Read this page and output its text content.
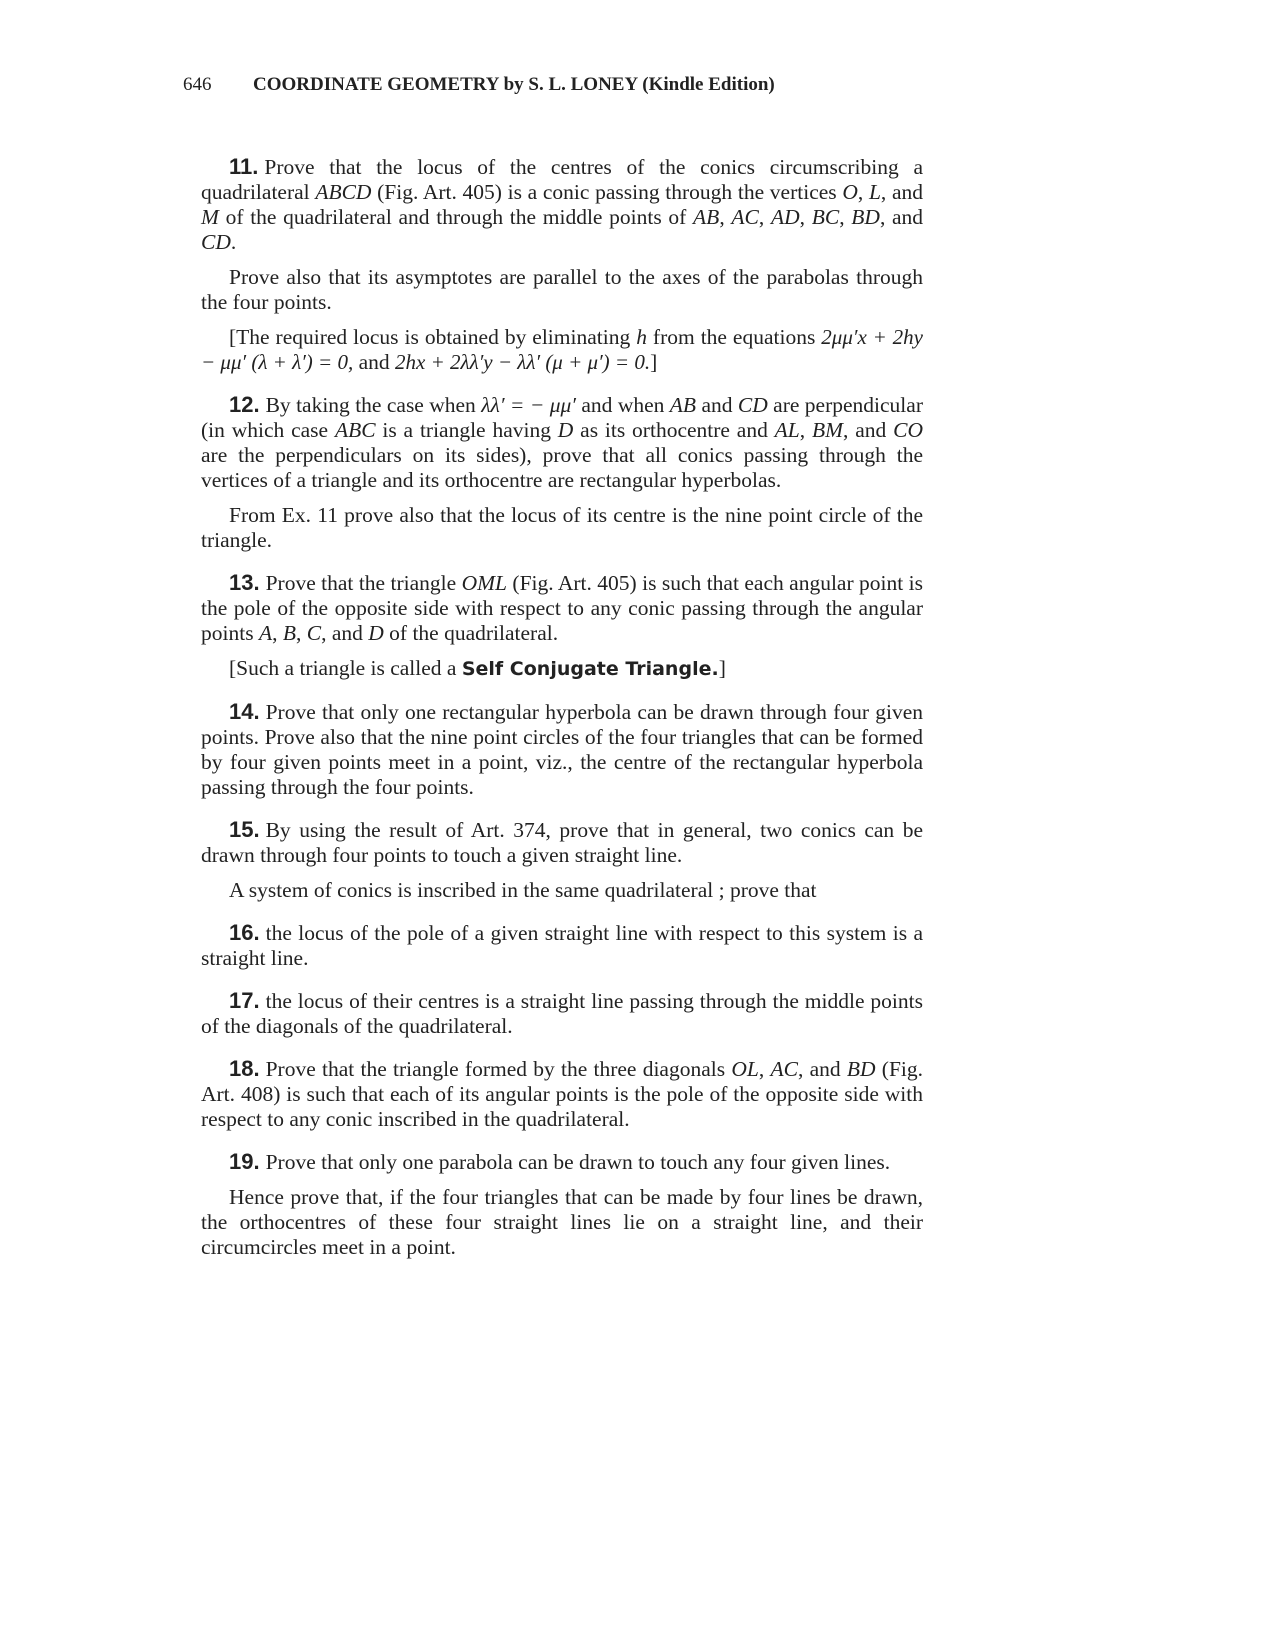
646 COORDINATE GEOMETRY by S. L. LONEY (Kindle Edition)

11. Prove that the locus of the centres of the conics circumscribing a quadrilateral ABCD (Fig. Art. 405) is a conic passing through the vertices O, L, and M of the quadrilateral and through the middle points of AB, AC, AD, BC, BD, and CD.

Prove also that its asymptotes are parallel to the axes of the parabolas through the four points.

[The required locus is obtained by eliminating h from the equations 2μμ′x + 2hy − μμ′ (λ + λ′) = 0, and 2hx + 2λλ′y − λλ′ (μ + μ′) = 0.]

12. By taking the case when λλ′ = − μμ′ and when AB and CD are perpendicular (in which case ABC is a triangle having D as its orthocentre and AL, BM, and CO are the perpendiculars on its sides), prove that all conics passing through the vertices of a triangle and its orthocentre are rectangular hyperbolas.

From Ex. 11 prove also that the locus of its centre is the nine point circle of the triangle.

13. Prove that the triangle OML (Fig. Art. 405) is such that each angular point is the pole of the opposite side with respect to any conic passing through the angular points A, B, C, and D of the quadrilateral.

[Such a triangle is called a Self Conjugate Triangle.]

14. Prove that only one rectangular hyperbola can be drawn through four given points. Prove also that the nine point circles of the four triangles that can be formed by four given points meet in a point, viz., the centre of the rectangular hyperbola passing through the four points.

15. By using the result of Art. 374, prove that in general, two conics can be drawn through four points to touch a given straight line.

A system of conics is inscribed in the same quadrilateral ; prove that

16. the locus of the pole of a given straight line with respect to this system is a straight line.

17. the locus of their centres is a straight line passing through the middle points of the diagonals of the quadrilateral.

18. Prove that the triangle formed by the three diagonals OL, AC, and BD (Fig. Art. 408) is such that each of its angular points is the pole of the opposite side with respect to any conic inscribed in the quadrilateral.

19. Prove that only one parabola can be drawn to touch any four given lines.

Hence prove that, if the four triangles that can be made by four lines be drawn, the orthocentres of these four straight lines lie on a straight line, and their circumcircles meet in a point.
